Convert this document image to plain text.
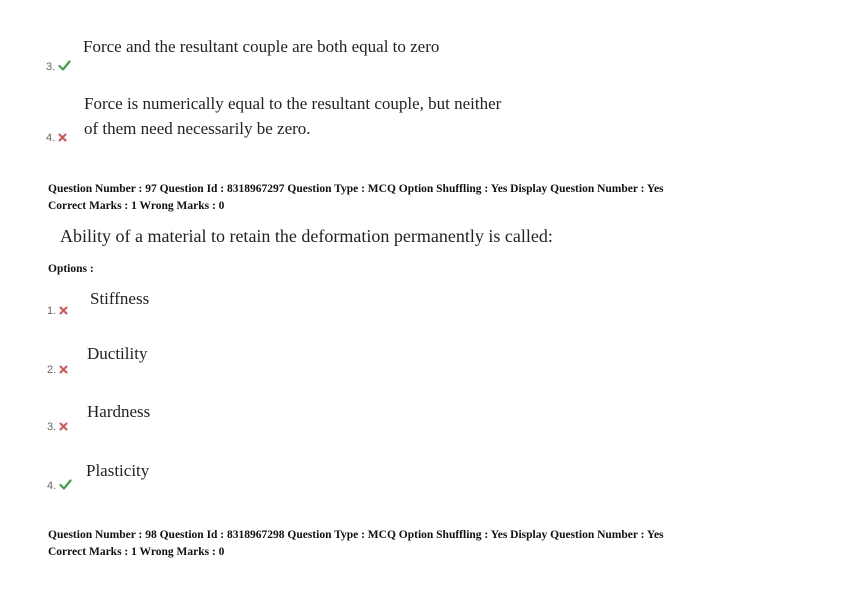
Force and the resultant couple are both equal to zero
3.
Force is numerically equal to the resultant couple, but neither
of them need necessarily be zero.
4.
Question Number : 97 Question Id : 8318967297 Question Type : MCQ Option Shuffling : Yes Display Question Number : Yes
Correct Marks : 1 Wrong Marks : 0
Ability of a material to retain the deformation permanently is called:
Options :
Stiffness
1.
Ductility
2.
Hardness
3.
Plasticity
4.
Question Number : 98 Question Id : 8318967298 Question Type : MCQ Option Shuffling : Yes Display Question Number : Yes
Correct Marks : 1 Wrong Marks : 0
